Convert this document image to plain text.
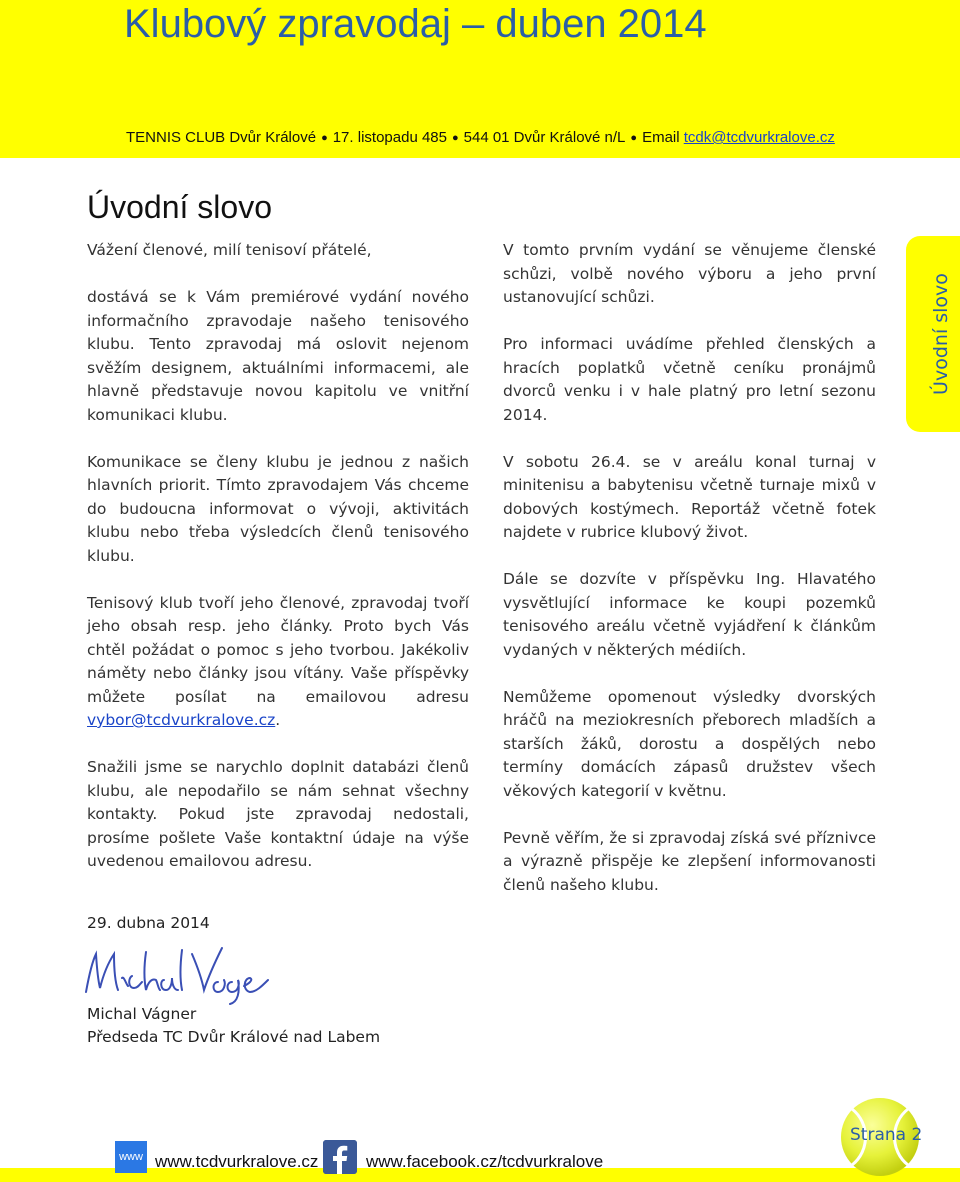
Klubový zpravodaj – duben 2014
TENNIS CLUB Dvůr Králové ● 17. listopadu 485 ● 544 01 Dvůr Králové n/L ● Email tcdk@tcdvurkralove.cz
Úvodní slovo
Úvodní slovo

Vážení členové, milí tenisoví přátelé,

dostává se k Vám premiérové vydání nového informačního zpravodaje našeho tenisového klubu. Tento zpravodaj má oslovit nejenom svěžím designem, aktuálními informacemi, ale hlavně představuje novou kapitolu ve vnitřní komunikaci klubu.

Komunikace se členy klubu je jednou z našich hlavních priorit. Tímto zpravodajem Vás chceme do budoucna informovat o vývoji, aktivitách klubu nebo třeba výsledcích členů tenisového klubu.

Tenisový klub tvoří jeho členové, zpravodaj tvoří jeho obsah resp. jeho články. Proto bych Vás chtěl požádat o pomoc s jeho tvorbou. Jakékoliv náměty nebo články jsou vítány. Vaše příspěvky můžete posílat na emailovou adresu vybor@tcdvurkralove.cz.

Snažili jsme se narychlo doplnit databázi členů klubu, ale nepodařilo se nám sehnat všechny kontakty. Pokud jste zpravodaj nedostali, prosíme pošlete Vaše kontaktní údaje na výše uvedenou emailovou adresu.

V tomto prvním vydání se věnujeme členské schůzi, volbě nového výboru a jeho první ustanovující schůzi.

Pro informaci uvádíme přehled členských a hracích poplatků včetně ceníku pronájmů dvorců venku i v hale platný pro letní sezonu 2014.

V sobotu 26.4. se v areálu konal turnaj v minitenisu a babytenisu včetně turnaje mixů v dobových kostýmech. Reportáž včetně fotek najdete v rubrice klubový život.

Dále se dozvíte v příspěvku Ing. Hlavatého vysvětlující informace ke koupi pozemků tenisového areálu včetně vyjádření k článkům vydaných v některých médiích.

Nemůžeme opomenout výsledky dvorských hráčů na meziokresních přeborech mladších a starších žáků, dorostu a dospělých nebo termíny domácích zápasů družstev všech věkových kategorií v květnu.

Pevně věřím, že si zpravodaj získá své příznivce a výrazně přispěje ke zlepšení informovanosti členů našeho klubu.

29. dubna 2014
Michal Vágner
Předseda TC Dvůr Králové nad Labem
www www.tcdvurkralove.cz	www.facebook.cz/tcdvurkralove
Strana 2
